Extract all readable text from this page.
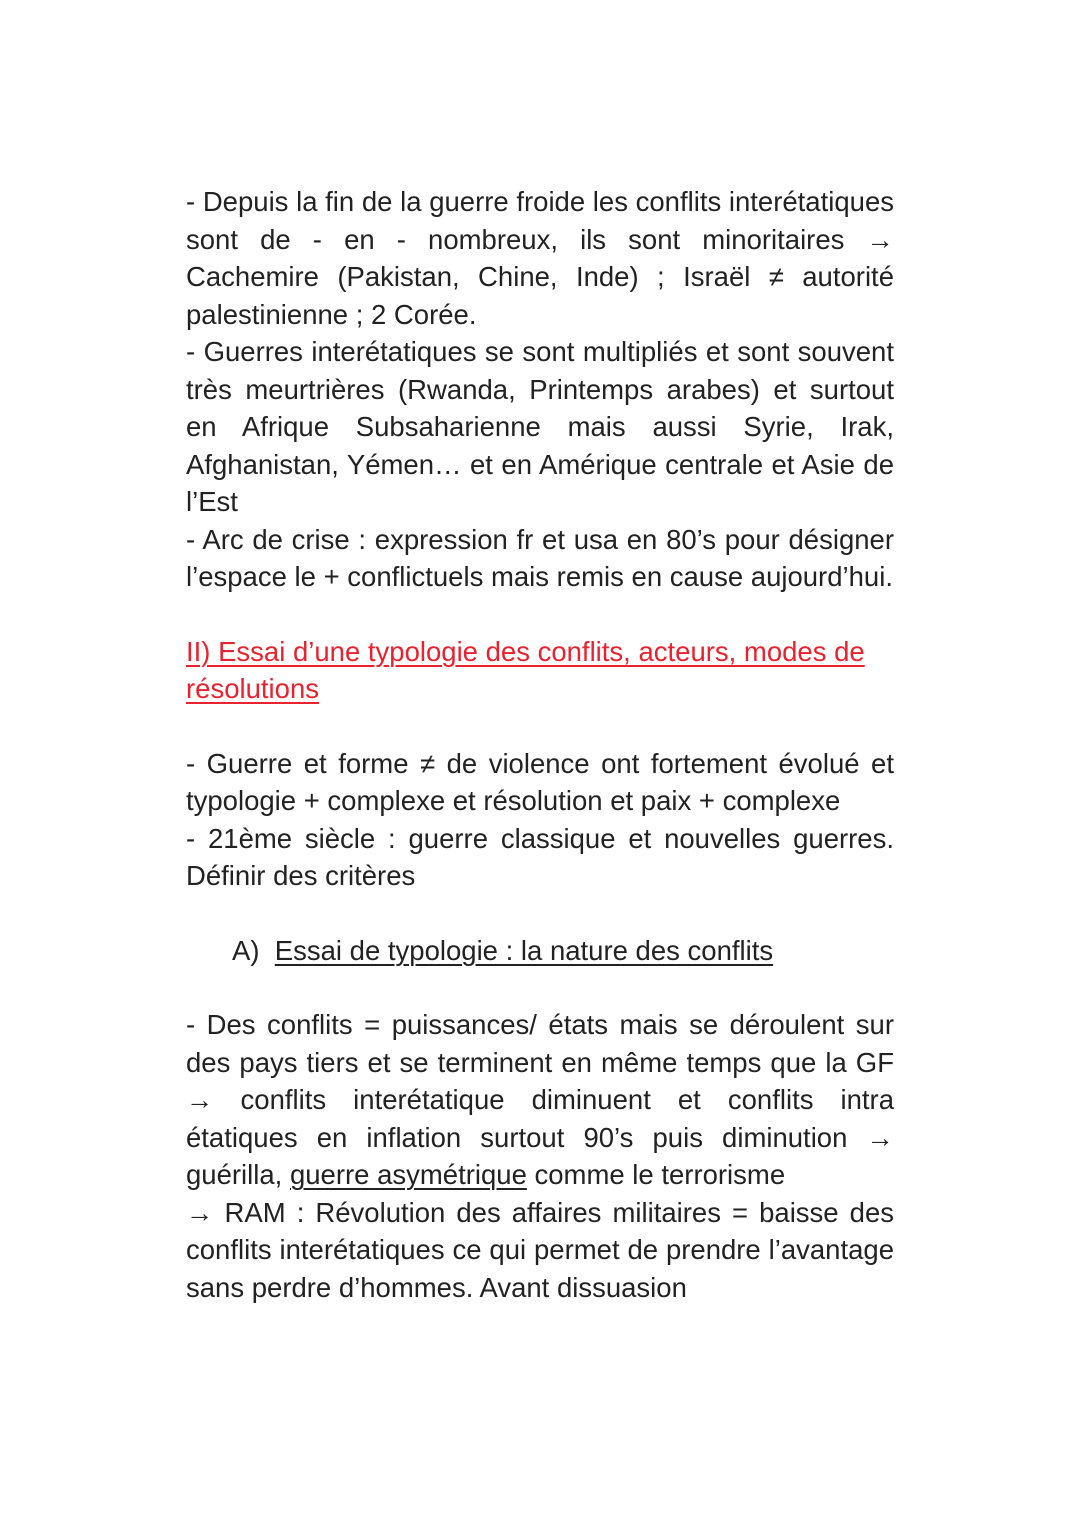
- Depuis la fin de la guerre froide les conflits interétatiques sont de - en - nombreux, ils sont minoritaires → Cachemire (Pakistan, Chine, Inde) ; Israël ≠ autorité palestinienne ; 2 Corée.

- Guerres interétatiques se sont multipliés et sont souvent très meurtrières (Rwanda, Printemps arabes) et surtout en Afrique Subsaharienne mais aussi Syrie, Irak, Afghanistan, Yémen… et en Amérique centrale et Asie de l’Est

- Arc de crise : expression fr et usa en 80’s pour désigner l’espace le + conflictuels mais remis en cause aujourd’hui.

II) Essai d’une typologie des conflits, acteurs, modes de résolutions

- Guerre et forme ≠ de violence ont fortement évolué et typologie + complexe et résolution et paix + complexe

- 21ème siècle : guerre classique et nouvelles guerres. Définir des critères

A) Essai de typologie : la nature des conflits

- Des conflits = puissances/ états mais se déroulent sur des pays tiers et se terminent en même temps que la GF → conflits interétatique diminuent et conflits intra étatiques en inflation surtout 90’s puis diminution → guérilla, guerre asymétrique comme le terrorisme

→ RAM : Révolution des affaires militaires = baisse des conflits interétatiques ce qui permet de prendre l’avantage sans perdre d’hommes. Avant dissuasion
